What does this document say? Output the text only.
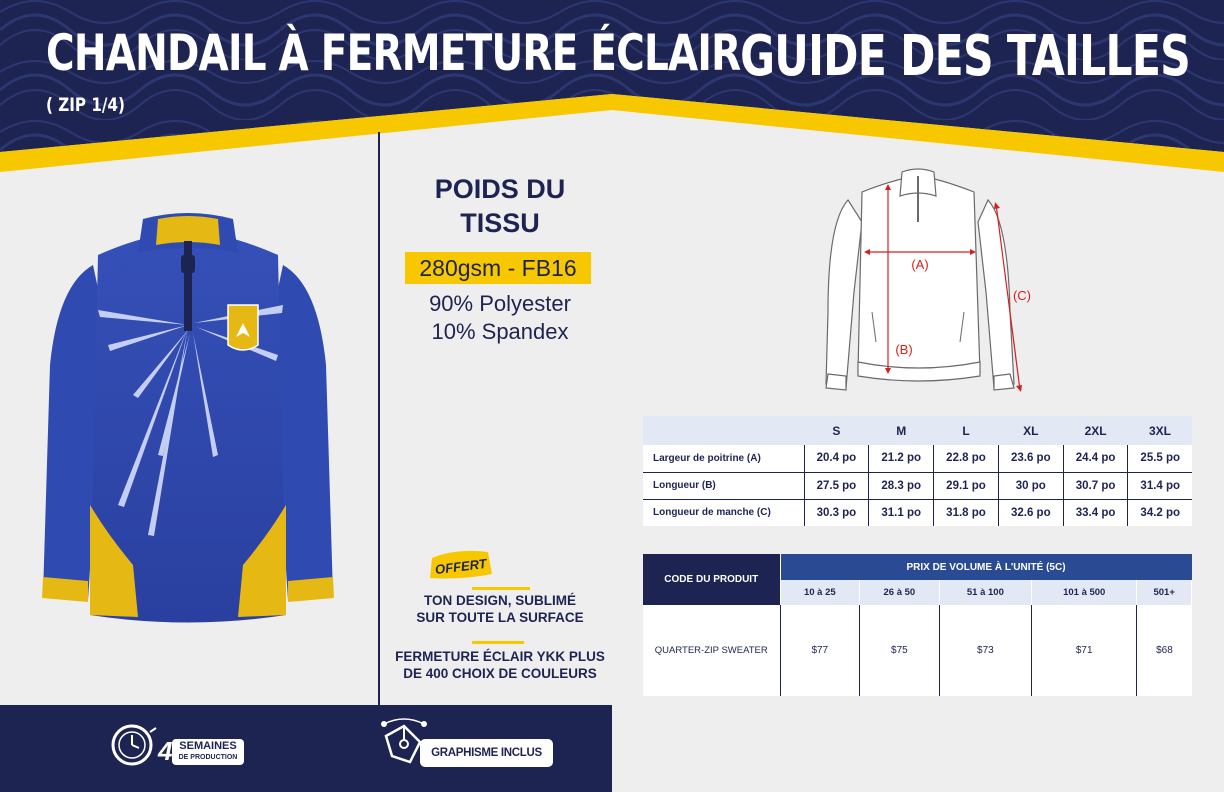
CHANDAIL À FERMETURE ÉCLAIR
( ZIP 1/4)
GUIDE DES TAILLES
POIDS DU TISSU
280gsm - FB16
90% Polyester
10% Spandex
OFFERT
TON DESIGN, SUBLIMÉ
SUR TOUTE LA SURFACE
FERMETURE ÉCLAIR YKK PLUS
DE 400 CHOIX DE COULEURS
4 SEMAINES
DE PRODUCTION	GRAPHISME INCLUS
(A)
(B)
(C)
	S	M	L	XL	2XL	3XL
Largeur de poitrine (A)	20.4 po	21.2 po	22.8 po	23.6 po	24.4 po	25.5 po
Longueur (B)	27.5 po	28.3 po	29.1 po	30 po	30.7 po	31.4 po
Longueur de manche (C)	30.3 po	31.1 po	31.8 po	32.6 po	33.4 po	34.2 po
CODE DU PRODUIT	PRIX DE VOLUME À L'UNITÉ (5C)				
	10 à 25	26 à 50	51 à 100	101 à 500	501+
QUARTER-ZIP SWEATER	$77	$75	$73	$71	$68
